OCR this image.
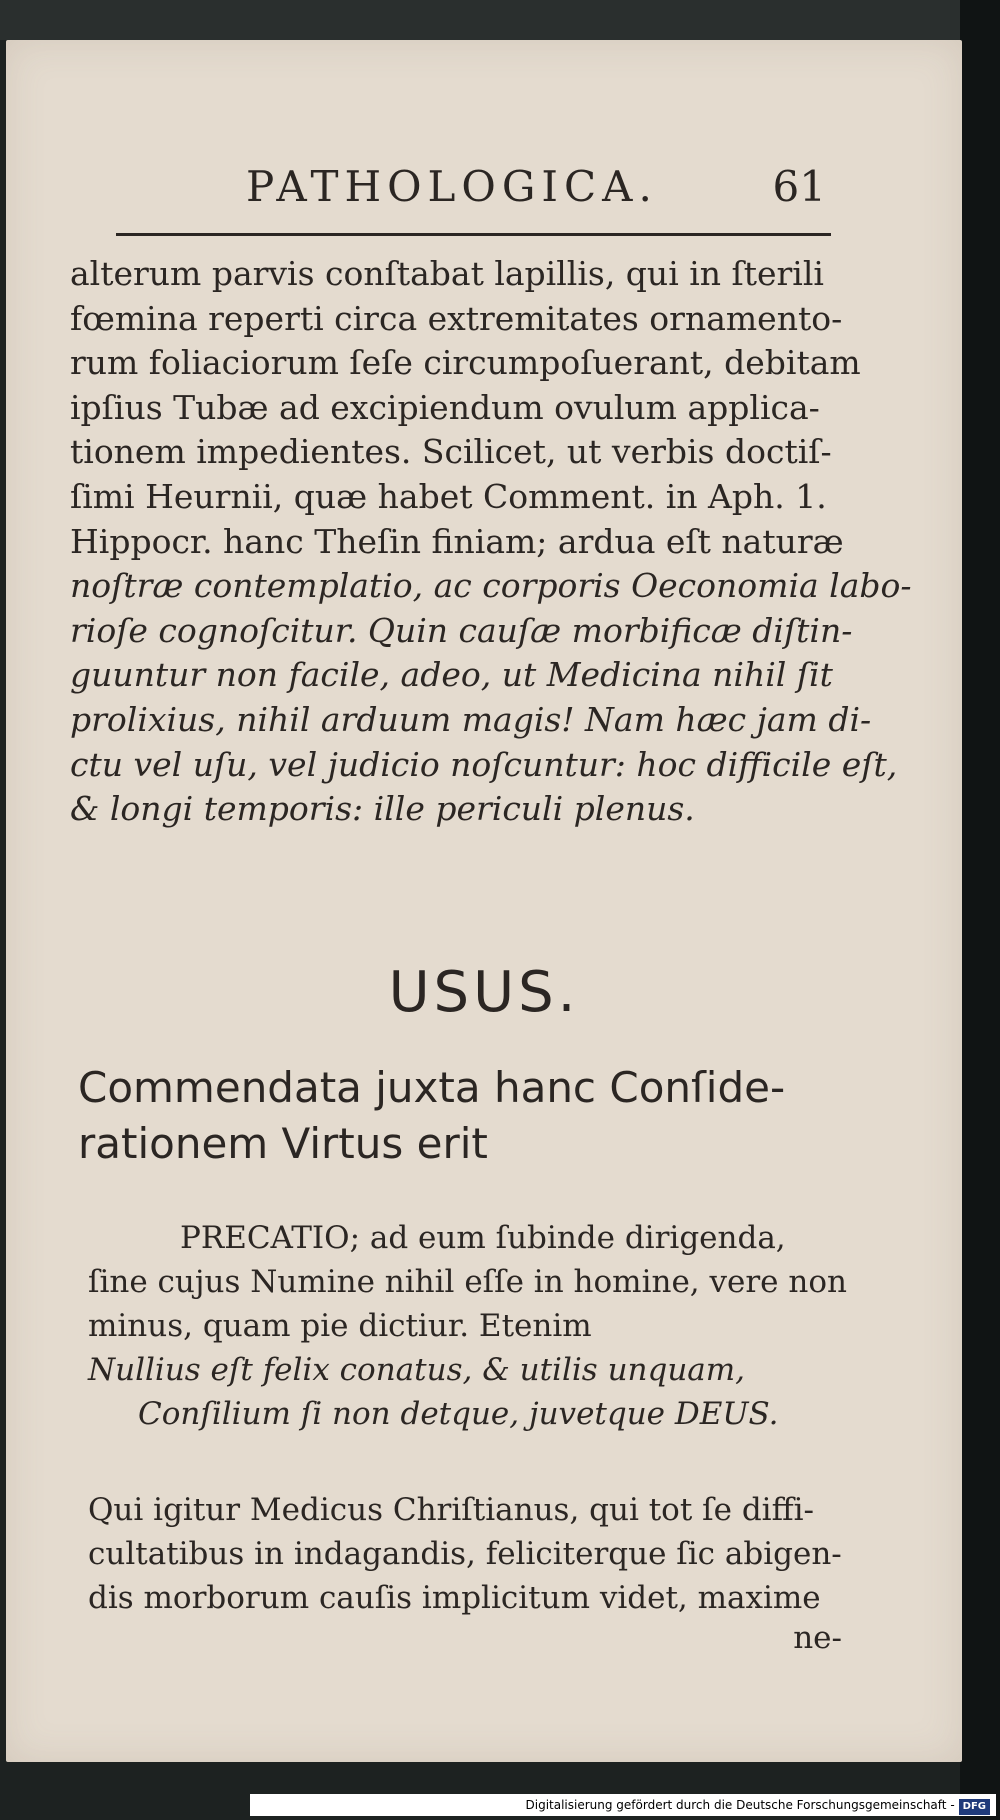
PATHOLOGICA.	61
alterum parvis conſtabat lapillis, qui in ſterili
fœmina reperti circa extremitates ornamento-
rum foliaciorum ſeſe circumpoſuerant, debitam
ipſius Tubæ ad excipiendum ovulum applica-
tionem impedientes. Scilicet, ut verbis doctiſ-
ſimi Heurnii, quæ habet Comment. in Aph. 1.
Hippocr. hanc Theſin finiam; ardua eſt naturæ
noſtræ contemplatio, ac corporis Oeconomia labo-
rioſe cognoſcitur. Quin cauſæ morbificæ diſtin-
guuntur non facile, adeo, ut Medicina nihil ſit
prolixius, nihil arduum magis! Nam hæc jam di-
ctu vel uſu, vel judicio noſcuntur: hoc difficile eſt,
& longi temporis: ille periculi plenus.
USUS.
Commendata juxta hanc Conſide-
rationem Virtus erit
PRECATIO; ad eum ſubinde dirigenda,
ſine cujus Numine nihil eſſe in homine, vere non
minus, quam pie dictiur. Etenim
Nullius eſt felix conatus, & utilis unquam,
Conſilium ſi non detque, juvetque DEUS.
Qui igitur Medicus Chriſtianus, qui tot ſe diffi-
cultatibus in indagandis, feliciterque ſic abigen-
dis morborum cauſis implicitum videt, maxime
ne-
Digitalisierung gefördert durch die Deutsche Forschungsgemeinschaft - DFG
